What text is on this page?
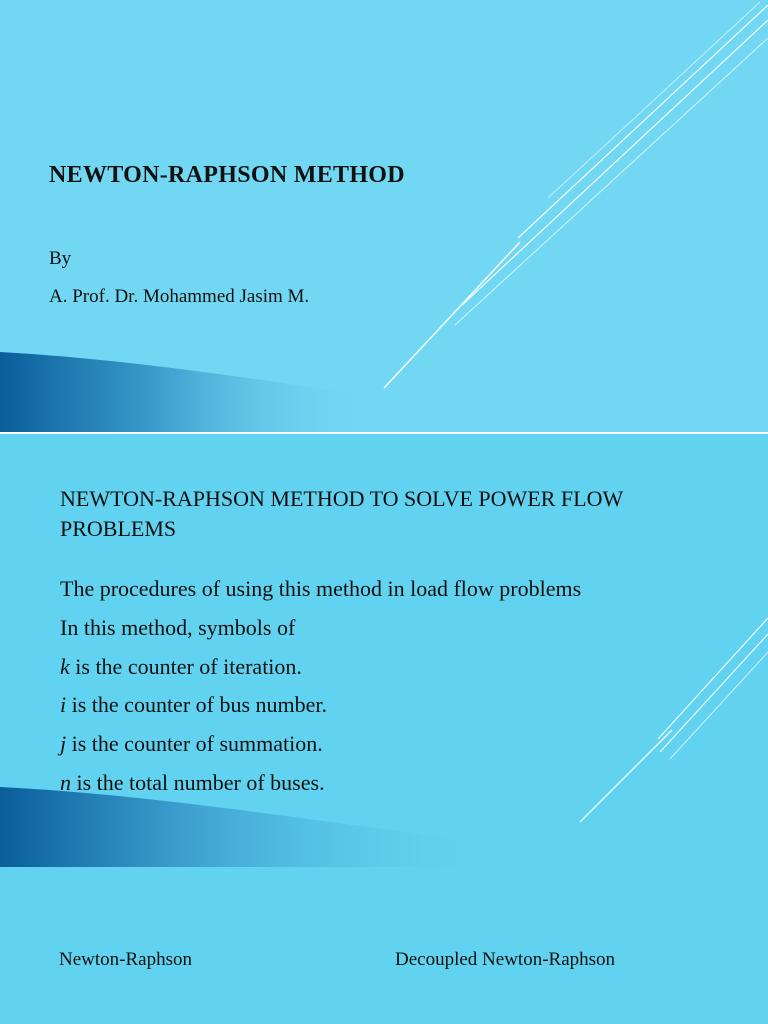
NEWTON-RAPHSON METHOD
By
A. Prof. Dr. Mohammed Jasim M.
NEWTON-RAPHSON METHOD TO SOLVE POWER FLOW PROBLEMS
The procedures of using this method in load flow problems
In this method, symbols of
k is the counter of iteration.
i is the counter of bus number.
j is the counter of summation.
n is the total number of buses.
Newton-Raphson	Decoupled Newton-Raphson
